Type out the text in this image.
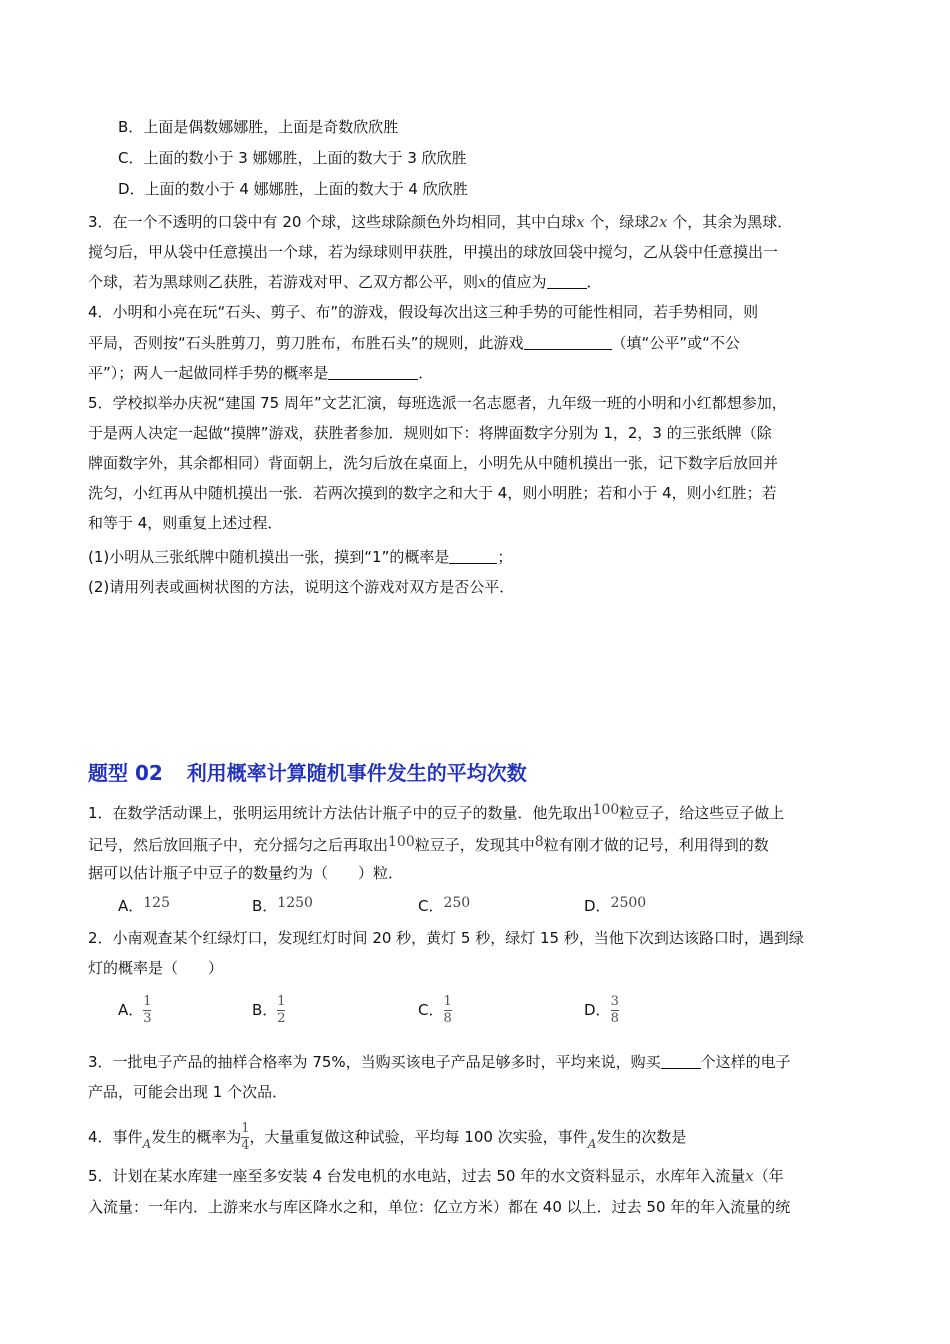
B．上面是偶数娜娜胜，上面是奇数欣欣胜
C．上面的数小于 3 娜娜胜，上面的数大于 3 欣欣胜
D．上面的数小于 4 娜娜胜，上面的数大于 4 欣欣胜
3．在一个不透明的口袋中有 20 个球，这些球除颜色外均相同，其中白球x 个，绿球2x 个，其余为黑球．
搅匀后，甲从袋中任意摸出一个球，若为绿球则甲获胜，甲摸出的球放回袋中搅匀，乙从袋中任意摸出一
个球，若为黑球则乙获胜，若游戏对甲、乙双方都公平，则x的值应为	．
4．小明和小亮在玩“石头、剪子、布”的游戏，假设每次出这三种手势的可能性相同，若手势相同，则
平局，否则按“石头胜剪刀，剪刀胜布，布胜石头”的规则，此游戏	（填“公平”或“不公
平”）；两人一起做同样手势的概率是	．
5．学校拟举办庆祝“建国 75 周年”文艺汇演，每班选派一名志愿者，九年级一班的小明和小红都想参加，
于是两人决定一起做“摸牌”游戏，获胜者参加．规则如下：将牌面数字分别为 1，2，3 的三张纸牌（除
牌面数字外，其余都相同）背面朝上，洗匀后放在桌面上，小明先从中随机摸出一张，记下数字后放回并
洗匀，小红再从中随机摸出一张．若两次摸到的数字之和大于 4，则小明胜；若和小于 4，则小红胜；若
和等于 4，则重复上述过程．
(1)小明从三张纸牌中随机摸出一张，摸到“1”的概率是	；
(2)请用列表或画树状图的方法，说明这个游戏对双方是否公平．
题型 02 利用概率计算随机事件发生的平均次数
1．在数学活动课上，张明运用统计方法估计瓶子中的豆子的数量．他先取出100粒豆子，给这些豆子做上
记号，然后放回瓶子中，充分摇匀之后再取出100粒豆子，发现其中8粒有刚才做的记号，利用得到的数
据可以估计瓶子中豆子的数量约为（　　）粒．
A．125	B．1250	C．250	D．2500
2．小南观查某个红绿灯口，发现红灯时间 20 秒，黄灯 5 秒，绿灯 15 秒，当他下次到达该路口时，遇到绿
灯的概率是（　　）
A． $\frac{1}{3}$	B． $\frac{1}{2}$	C． $\frac{1}{8}$	D． $\frac{3}{8}$
3．一批电子产品的抽样合格率为 75%，当购买该电子产品足够多时，平均来说，购买	个这样的电子
产品，可能会出现 1 个次品．
4．事件$_A$发生的概率为 $\frac{1}{4}$ ，大量重复做这种试验，平均每 100 次实验，事件$_A$发生的次数是
5．计划在某水库建一座至多安装 4 台发电机的水电站，过去 50 年的水文资料显示，水库年入流量x（年
入流量：一年内．上游来水与库区降水之和，单位：亿立方米）都在 40 以上．过去 50 年的年入流量的统
